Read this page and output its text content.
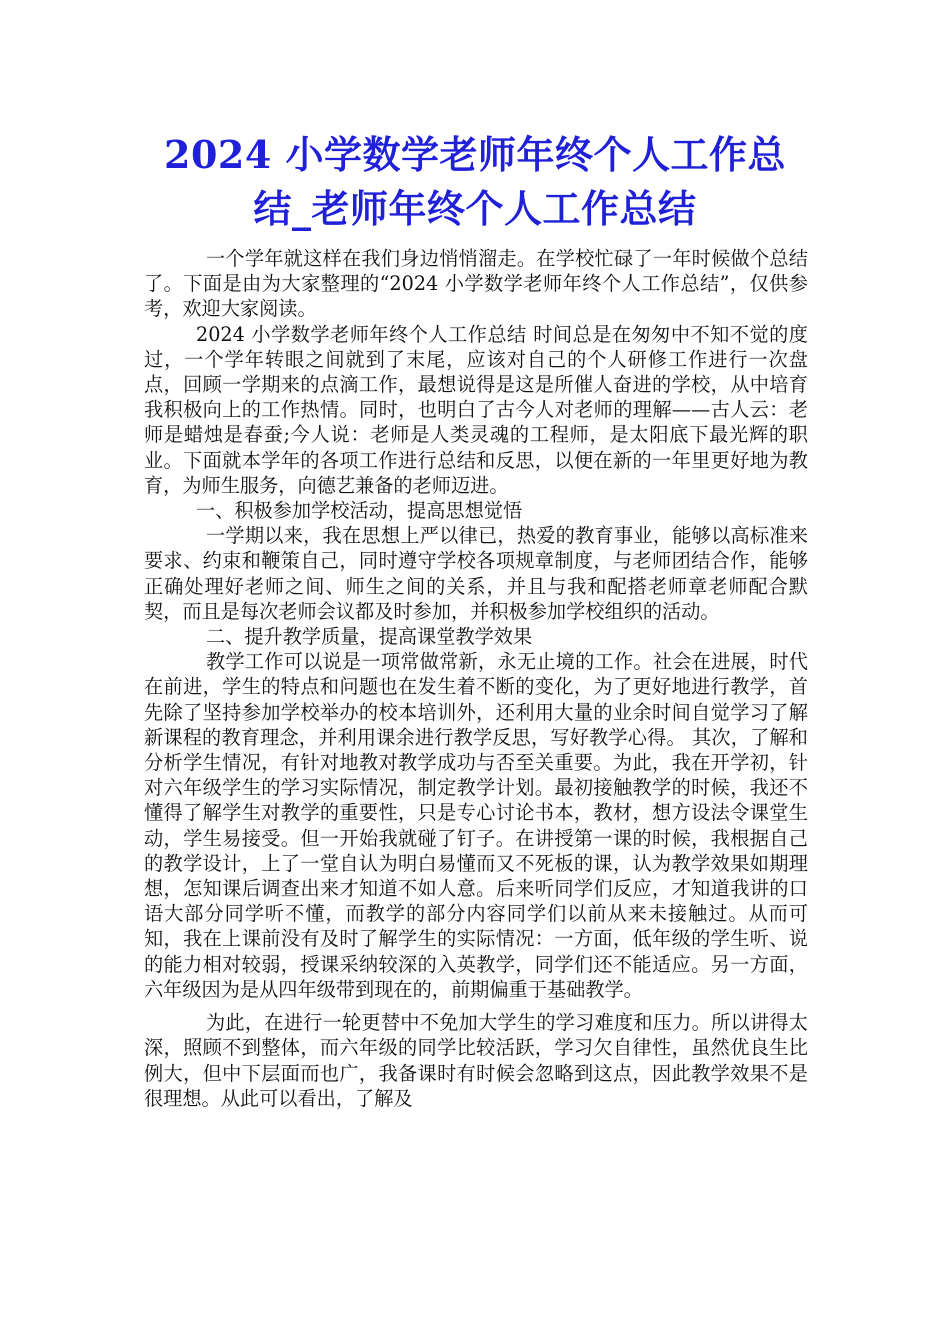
2024 小学数学老师年终个人工作总
结_老师年终个人工作总结

一个学年就这样在我们身边悄悄溜走。在学校忙碌了一年时候做个总结了。下面是由为大家整理的“2024 小学数学老师年终个人工作总结”，仅供参考，欢迎大家阅读。

2024 小学数学老师年终个人工作总结 时间总是在匆匆中不知不觉的度过，一个学年转眼之间就到了末尾，应该对自己的个人研修工作进行一次盘点，回顾一学期来的点滴工作，最想说得是这是所催人奋进的学校，从中培育我积极向上的工作热情。同时，也明白了古今人对老师的理解——古人云：老师是蜡烛是春蚕;今人说：老师是人类灵魂的工程师，是太阳底下最光辉的职业。下面就本学年的各项工作进行总结和反思，以便在新的一年里更好地为教育，为师生服务，向德艺兼备的老师迈进。

一、积极参加学校活动，提高思想觉悟

一学期以来，我在思想上严以律已，热爱的教育事业，能够以高标准来要求、约束和鞭策自己，同时遵守学校各项规章制度，与老师团结合作，能够正确处理好老师之间、师生之间的关系，并且与我和配搭老师章老师配合默契，而且是每次老师会议都及时参加，并积极参加学校组织的活动。

二、提升教学质量，提高课堂教学效果

教学工作可以说是一项常做常新，永无止境的工作。社会在进展，时代在前进，学生的特点和问题也在发生着不断的变化，为了更好地进行教学，首先除了坚持参加学校举办的校本培训外，还利用大量的业余时间自觉学习了解新课程的教育理念，并利用课余进行教学反思，写好教学心得。 其次，了解和分析学生情况，有针对地教对教学成功与否至关重要。为此，我在开学初，针对六年级学生的学习实际情况，制定教学计划。最初接触教学的时候，我还不懂得了解学生对教学的重要性，只是专心讨论书本，教材，想方设法令课堂生动，学生易接受。但一开始我就碰了钉子。在讲授第一课的时候，我根据自己的教学设计，上了一堂自认为明白易懂而又不死板的课，认为教学效果如期理想，怎知课后调查出来才知道不如人意。后来听同学们反应，才知道我讲的口语大部分同学听不懂，而教学的部分内容同学们以前从来未接触过。从而可知，我在上课前没有及时了解学生的实际情况：一方面，低年级的学生听、说的能力相对较弱，授课采纳较深的入英教学，同学们还不能适应。另一方面，六年级因为是从四年级带到现在的，前期偏重于基础教学。

为此，在进行一轮更替中不免加大学生的学习难度和压力。所以讲得太深，照顾不到整体，而六年级的同学比较活跃，学习欠自律性，虽然优良生比例大，但中下层面而也广，我备课时有时候会忽略到这点，因此教学效果不是很理想。从此可以看出，了解及
